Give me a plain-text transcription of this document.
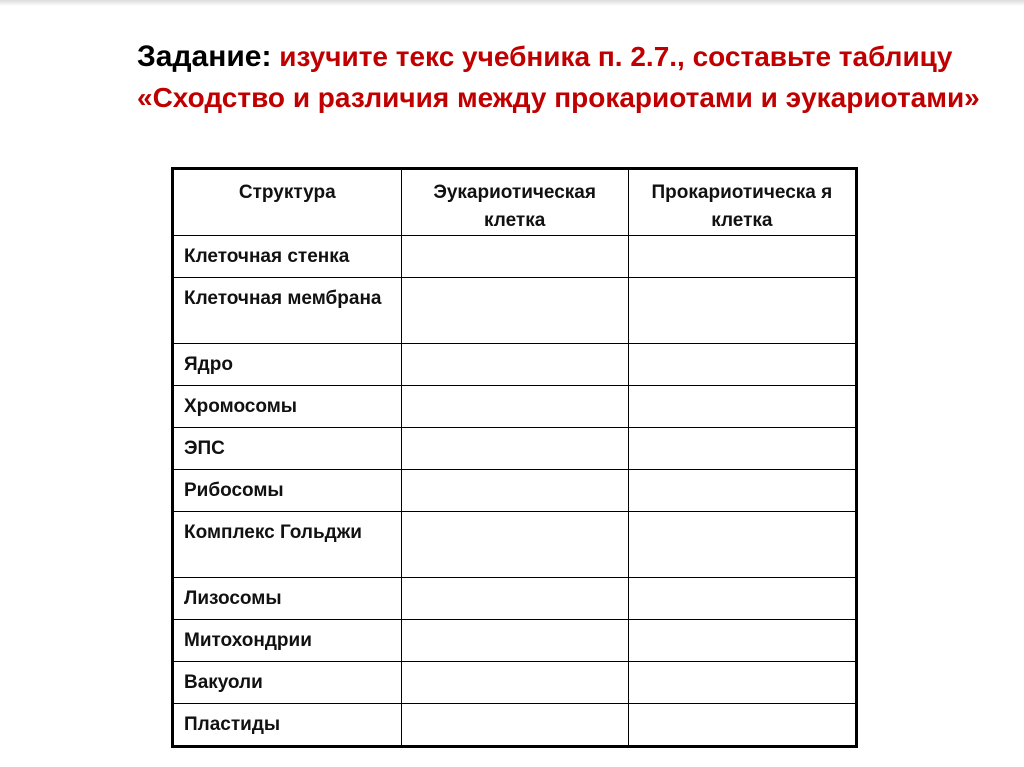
Задание: изучите текс учебника п. 2.7., составьте таблицу «Сходство и различия между прокариотами и эукариотами»
Структура	Эукариотическая клетка	Прокариотическа я клетка
Клеточная стенка		
Клеточная мембрана		
Ядро		
Хромосомы		
ЭПС		
Рибосомы		
Комплекс Гольджи		
Лизосомы		
Митохондрии		
Вакуоли		
Пластиды		
